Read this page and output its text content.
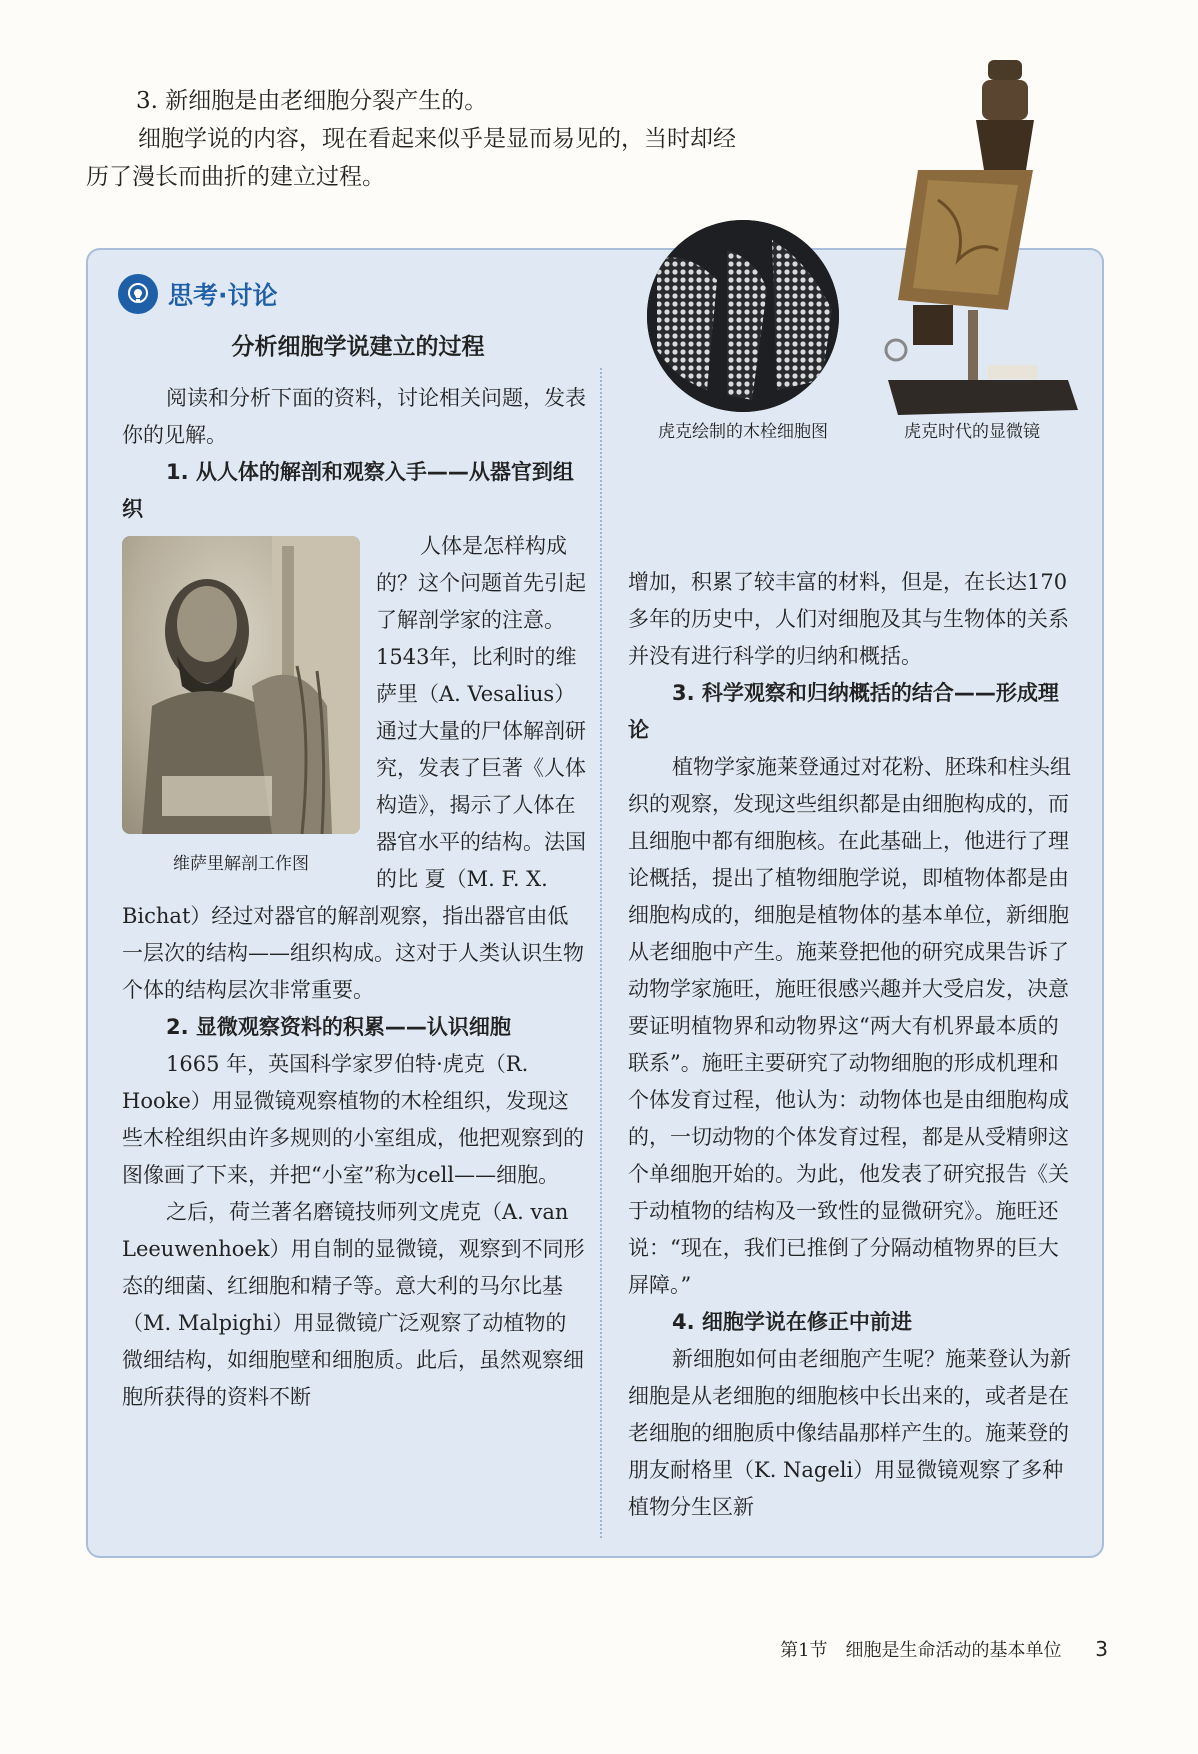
3. 新细胞是由老细胞分裂产生的。

细胞学说的内容，现在看起来似乎是显而易见的，当时却经历了漫长而曲折的建立过程。

思考·讨论
分析细胞学说建立的过程

阅读和分析下面的资料，讨论相关问题，发表你的见解。

1. 从人体的解剖和观察入手——从器官到组织

维萨里解剖工作图

人体是怎样构成的？这个问题首先引起了解剖学家的注意。1543年，比利时的维萨里（A. Vesalius）通过大量的尸体解剖研究，发表了巨著《人体构造》，揭示了人体在器官水平的结构。法国的比 夏（M. F. X. Bichat）经过对器官的解剖观察，指出器官由低一层次的结构——组织构成。这对于人类认识生物个体的结构层次非常重要。

2. 显微观察资料的积累——认识细胞

1665 年，英国科学家罗伯特·虎克（R. Hooke）用显微镜观察植物的木栓组织，发现这些木栓组织由许多规则的小室组成，他把观察到的图像画了下来，并把“小室”称为cell——细胞。

之后，荷兰著名磨镜技师列文虎克（A. van Leeuwenhoek）用自制的显微镜，观察到不同形态的细菌、红细胞和精子等。意大利的马尔比基（M. Malpighi）用显微镜广泛观察了动植物的微细结构，如细胞壁和细胞质。此后，虽然观察细胞所获得的资料不断

虎克绘制的木栓细胞图	虎克时代的显微镜

增加，积累了较丰富的材料，但是，在长达170多年的历史中，人们对细胞及其与生物体的关系并没有进行科学的归纳和概括。

3. 科学观察和归纳概括的结合——形成理论

植物学家施莱登通过对花粉、胚珠和柱头组织的观察，发现这些组织都是由细胞构成的，而且细胞中都有细胞核。在此基础上，他进行了理论概括，提出了植物细胞学说，即植物体都是由细胞构成的，细胞是植物体的基本单位，新细胞从老细胞中产生。施莱登把他的研究成果告诉了动物学家施旺，施旺很感兴趣并大受启发，决意要证明植物界和动物界这“两大有机界最本质的联系”。施旺主要研究了动物细胞的形成机理和个体发育过程，他认为：动物体也是由细胞构成的，一切动物的个体发育过程，都是从受精卵这个单细胞开始的。为此，他发表了研究报告《关于动植物的结构及一致性的显微研究》。施旺还说：“现在，我们已推倒了分隔动植物界的巨大屏障。”

4. 细胞学说在修正中前进

新细胞如何由老细胞产生呢？施莱登认为新细胞是从老细胞的细胞核中长出来的，或者是在老细胞的细胞质中像结晶那样产生的。施莱登的朋友耐格里（K. Nageli）用显微镜观察了多种植物分生区新

第1节　细胞是生命活动的基本单位 3
